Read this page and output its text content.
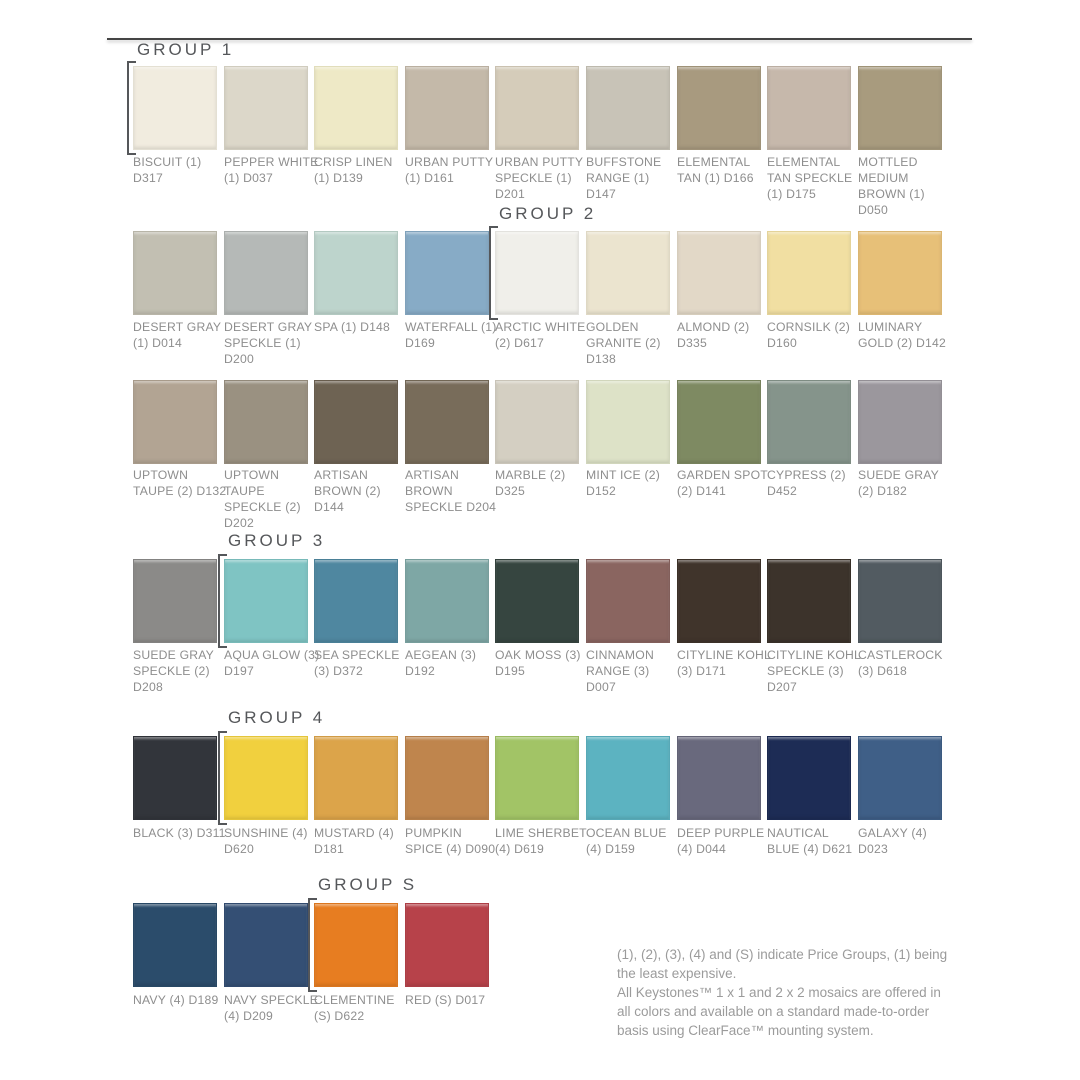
GROUP 1
BISCUIT (1) D317
PEPPER WHITE (1) D037
CRISP LINEN (1) D139
URBAN PUTTY (1) D161
URBAN PUTTY SPECKLE (1) D201
BUFFSTONE RANGE (1) D147
ELEMENTAL TAN (1) D166
ELEMENTAL TAN SPECKLE (1) D175
MOTTLED MEDIUM BROWN (1) D050
GROUP 2
DESERT GRAY (1) D014
DESERT GRAY SPECKLE (1) D200
SPA (1) D148	WATERFALL (1) D169
ARCTIC WHITE (2) D617
GOLDEN GRANITE (2) D138
ALMOND (2) D335
CORNSILK (2) D160
LUMINARY GOLD (2) D142
UPTOWN TAUPE (2) D132
UPTOWN TAUPE SPECKLE (2) D202
ARTISAN BROWN (2) D144
ARTISAN BROWN SPECKLE D204
MARBLE (2) D325
MINT ICE (2) D152
GARDEN SPOT (2) D141
CYPRESS (2) D452
SUEDE GRAY (2) D182
GROUP 3
SUEDE GRAY SPECKLE (2) D208
AQUA GLOW (3) D197
SEA SPECKLE (3) D372
AEGEAN (3) D192
OAK MOSS (3) D195
CINNAMON RANGE (3) D007
CITYLINE KOHL (3) D171
CITYLINE KOHL SPECKLE (3) D207
CASTLEROCK (3) D618
GROUP 4
BLACK (3) D311
SUNSHINE (4) D620
MUSTARD (4) D181
PUMPKIN SPICE (4) D090
LIME SHERBET (4) D619
OCEAN BLUE (4) D159
DEEP PURPLE (4) D044
NAUTICAL BLUE (4) D621
GALAXY (4) D023
GROUP S
NAVY (4) D189 NAVY SPECKLE (4) D209
CLEMENTINE (S) D622
RED (S) D017

(1), (2), (3), (4) and (S) indicate Price Groups, (1) being the least expensive.

All Keystones™ 1 x 1 and 2 x 2 mosaics are offered in all colors and available on a standard made-to-order basis using ClearFace™ mounting system.
